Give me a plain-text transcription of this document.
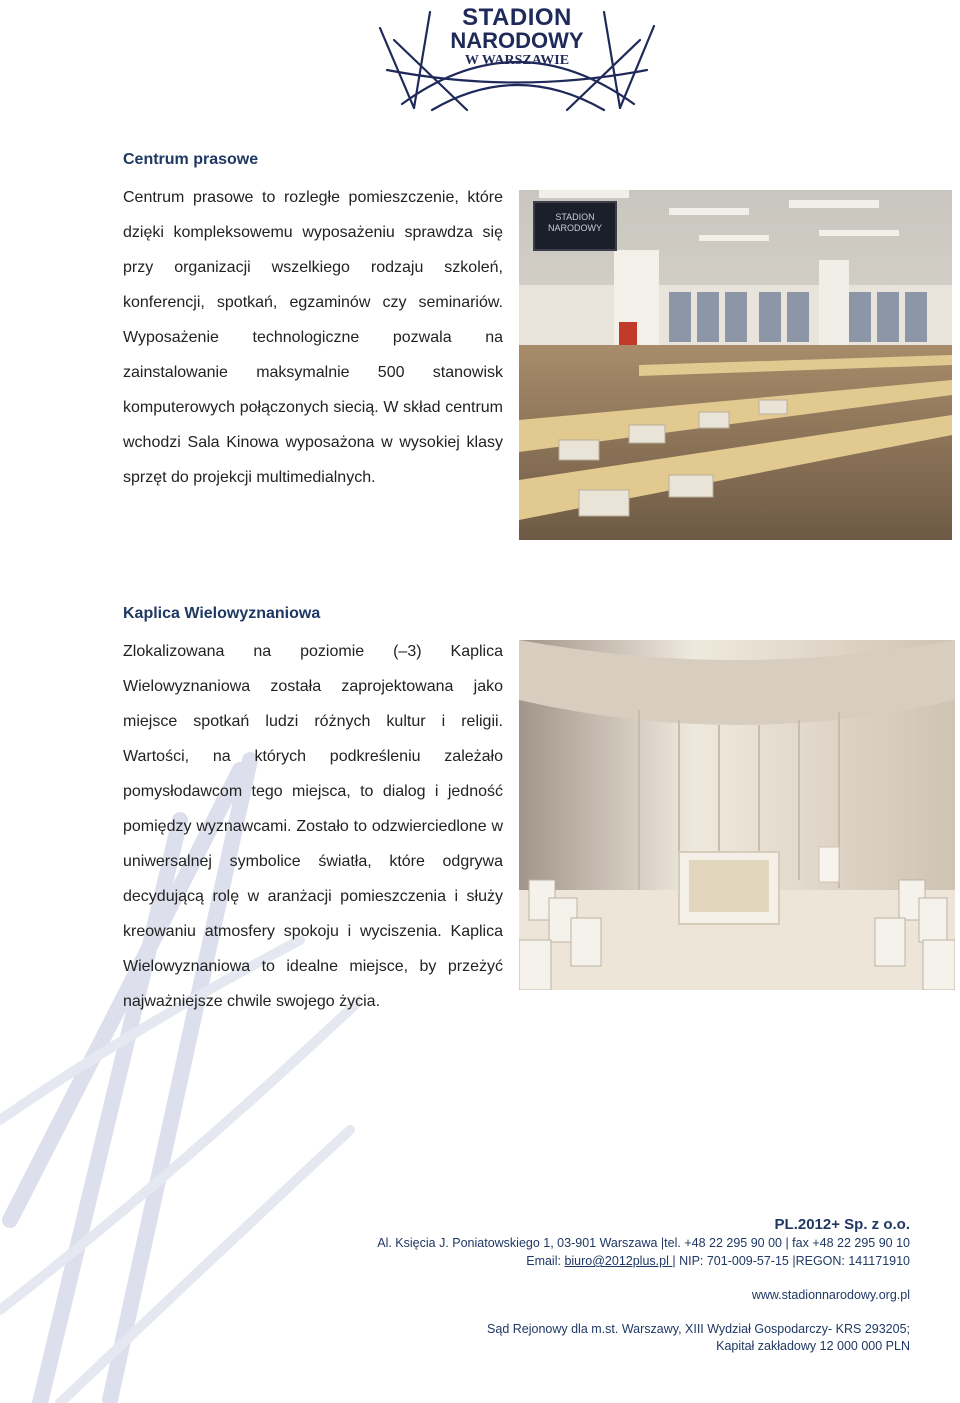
STADION
NARODOWY
W WARSZAWIE
Centrum prasowe

Centrum prasowe to rozległe pomieszczenie, które dzięki kompleksowemu wyposażeniu sprawdza się przy organizacji wszelkiego rodzaju szkoleń, konferencji, spotkań, egzaminów czy seminariów. Wyposażenie technologiczne pozwala na zainstalowanie maksymalnie 500 stanowisk komputerowych połączonych siecią. W skład centrum wchodzi Sala Kinowa wyposażona w wysokiej klasy sprzęt do projekcji multimedialnych.

STADION
NARODOWY
Kaplica Wielowyznaniowa

Zlokalizowana na poziomie (–3) Kaplica Wielowyznaniowa została zaprojektowana jako miejsce spotkań ludzi różnych kultur i religii. Wartości, na których podkreśleniu zależało pomysłodawcom tego miejsca, to dialog i jedność pomiędzy wyznawcami. Zostało to odzwierciedlone w uniwersalnej symbolice światła, które odgrywa decydującą rolę w aranżacji pomieszczenia i służy kreowaniu atmosfery spokoju i wyciszenia. Kaplica Wielowyznaniowa to idealne miejsce, by przeżyć najważniejsze chwile swojego życia.

PL.2012+ Sp. z o.o.
Al. Księcia J. Poniatowskiego 1, 03-901 Warszawa |tel. +48 22 295 90 00 | fax +48 22 295 90 10
Email: biuro@2012plus.pl | NIP: 701-009-57-15 |REGON: 141171910
www.stadionnarodowy.org.pl
Sąd Rejonowy dla m.st. Warszawy, XIII Wydział Gospodarczy- KRS 293205;
Kapitał zakładowy 12 000 000 PLN
